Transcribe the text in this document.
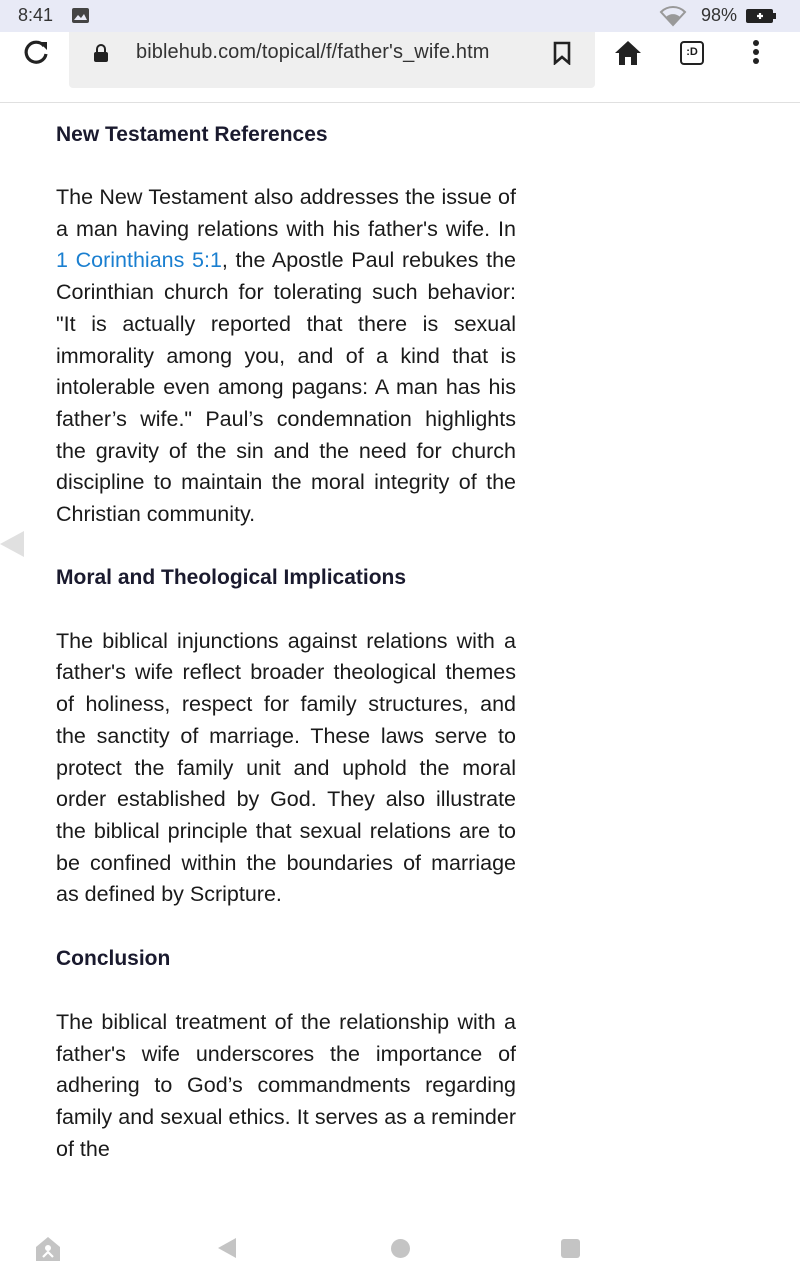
8:41	98%
biblehub.com/topical/f/father's_wife.htm	:D
New Testament References

The New Testament also addresses the issue of a man having relations with his father's wife. In 1 Corinthians 5:1, the Apostle Paul rebukes the Corinthian church for tolerating such behavior: "It is actually reported that there is sexual immorality among you, and of a kind that is intolerable even among pagans: A man has his father’s wife." Paul’s condemnation highlights the gravity of the sin and the need for church discipline to maintain the moral integrity of the Christian community.

Moral and Theological Implications

The biblical injunctions against relations with a father's wife reflect broader theological themes of holiness, respect for family structures, and the sanctity of marriage. These laws serve to protect the family unit and uphold the moral order established by God. They also illustrate the biblical principle that sexual relations are to be confined within the boundaries of marriage as defined by Scripture.

Conclusion

The biblical treatment of the relationship with a father's wife underscores the importance of adhering to God’s commandments regarding family and sexual ethics. It serves as a reminder of the
